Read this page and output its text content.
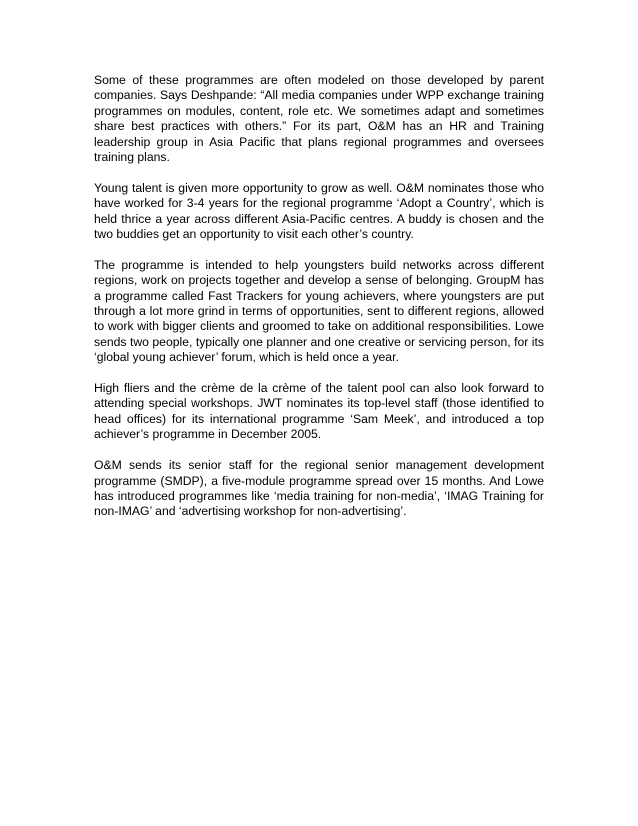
Some of these programmes are often modeled on those developed by parent companies. Says Deshpande: “All media companies under WPP exchange training programmes on modules, content, role etc. We sometimes adapt and sometimes share best practices with others.” For its part, O&M has an HR and Training leadership group in Asia Pacific that plans regional programmes and oversees training plans.

Young talent is given more opportunity to grow as well. O&M nominates those who have worked for 3-4 years for the regional programme ‘Adopt a Country’, which is held thrice a year across different Asia-Pacific centres. A buddy is chosen and the two buddies get an opportunity to visit each other’s country.

The programme is intended to help youngsters build networks across different regions, work on projects together and develop a sense of belonging. GroupM has a programme called Fast Trackers for young achievers, where youngsters are put through a lot more grind in terms of opportunities, sent to different regions, allowed to work with bigger clients and groomed to take on additional responsibilities. Lowe sends two people, typically one planner and one creative or servicing person, for its ‘global young achiever’ forum, which is held once a year.

High fliers and the crème de la crème of the talent pool can also look forward to attending special workshops. JWT nominates its top-level staff (those identified to head offices) for its international programme ‘Sam Meek’, and introduced a top achiever’s programme in December 2005.

O&M sends its senior staff for the regional senior management development programme (SMDP), a five-module programme spread over 15 months. And Lowe has introduced programmes like ‘media training for non-media’, ‘IMAG Training for non-IMAG’ and ‘advertising workshop for non-advertising’.
